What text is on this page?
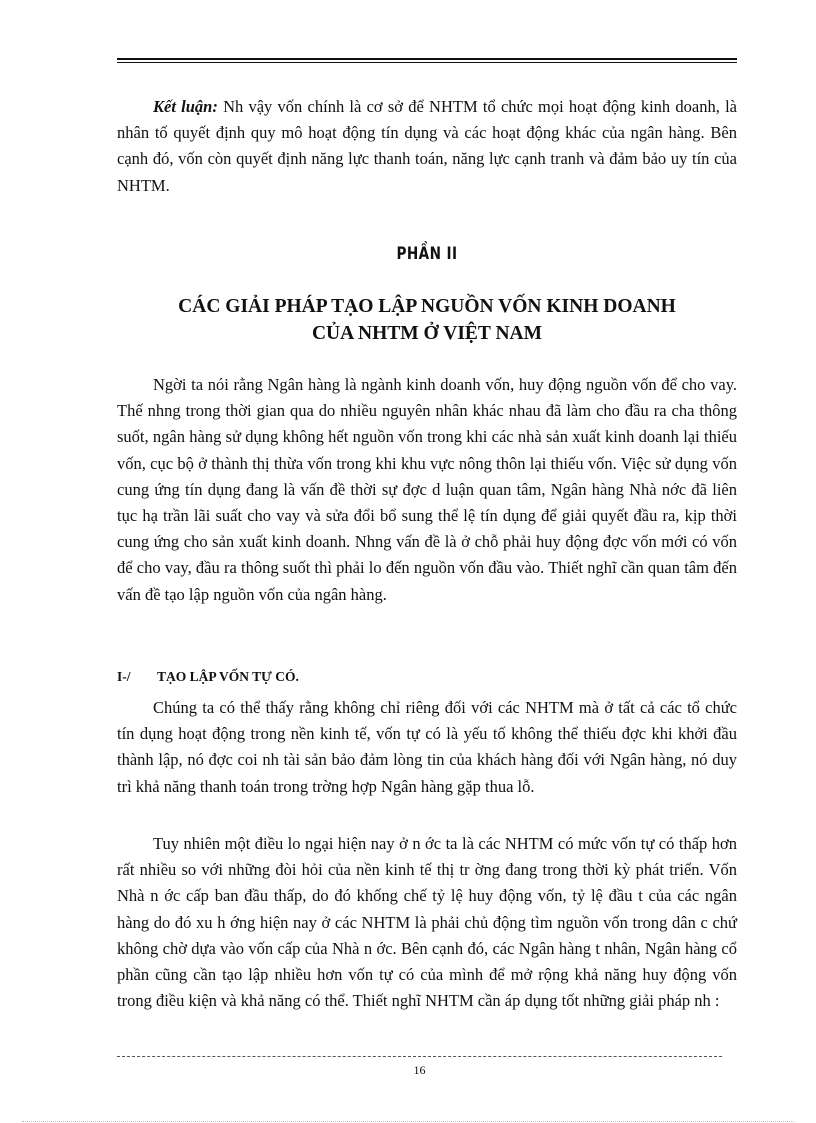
Kết luận: Nh vậy vốn chính là cơ sở để NHTM tổ chức mọi hoạt động kinh doanh, là nhân tố quyết định quy mô hoạt động tín dụng và các hoạt động khác của ngân hàng. Bên cạnh đó, vốn còn quyết định năng lực thanh toán, năng lực cạnh tranh và đảm bảo uy tín của NHTM.

PHẦN II
CÁC GIẢI PHÁP TẠO LẬP NGUỒN VỐN KINH DOANH
CỦA NHTM Ở VIỆT NAM

Ngời ta nói rằng Ngân hàng là ngành kinh doanh vốn, huy động nguồn vốn để cho vay. Thế nhng trong thời gian qua do nhiều nguyên nhân khác nhau đã làm cho đầu ra cha thông suốt, ngân hàng sử dụng không hết nguồn vốn trong khi các nhà sản xuất kinh doanh lại thiếu vốn, cục bộ ở thành thị thừa vốn trong khi khu vực nông thôn lại thiếu vốn. Việc sử dụng vốn cung ứng tín dụng đang là vấn đề thời sự đợc d luận quan tâm, Ngân hàng Nhà nớc đã liên tục hạ trần lãi suất cho vay và sửa đổi bổ sung thể lệ tín dụng để giải quyết đầu ra, kịp thời cung ứng cho sản xuất kinh doanh. Nhng vấn đề là ở chỗ phải huy động đợc vốn mới có vốn để cho vay, đầu ra thông suốt thì phải lo đến nguồn vốn đầu vào. Thiết nghĩ cần quan tâm đến vấn đề tạo lập nguồn vốn của ngân hàng.

I-/ TẠO LẬP VỐN TỰ CÓ.

Chúng ta có thể thấy rằng không chỉ riêng đối với các NHTM mà ở tất cả các tổ chức tín dụng hoạt động trong nền kinh tế, vốn tự có là yếu tố không thể thiếu đợc khi khởi đầu thành lập, nó đợc coi nh tài sản bảo đảm lòng tin của khách hàng đối với Ngân hàng, nó duy trì khả năng thanh toán trong trờng hợp Ngân hàng gặp thua lỗ.

Tuy nhiên một điều lo ngại hiện nay ở n ớc ta là các NHTM có mức vốn tự có thấp hơn rất nhiều so với những đòi hỏi của nền kinh tế thị tr ờng đang trong thời kỳ phát triển. Vốn Nhà n ớc cấp ban đầu thấp, do đó khống chế tỷ lệ huy động vốn, tỷ lệ đầu t của các ngân hàng do đó xu h ớng hiện nay ở các NHTM là phải chủ động tìm nguồn vốn trong dân c chứ không chờ dựa vào vốn cấp của Nhà n ớc. Bên cạnh đó, các Ngân hàng t nhân, Ngân hàng cổ phần cũng cần tạo lập nhiều hơn vốn tự có của mình để mở rộng khả năng huy động vốn trong điều kiện và khả năng có thể. Thiết nghĩ NHTM cần áp dụng tốt những giải pháp nh :

16
